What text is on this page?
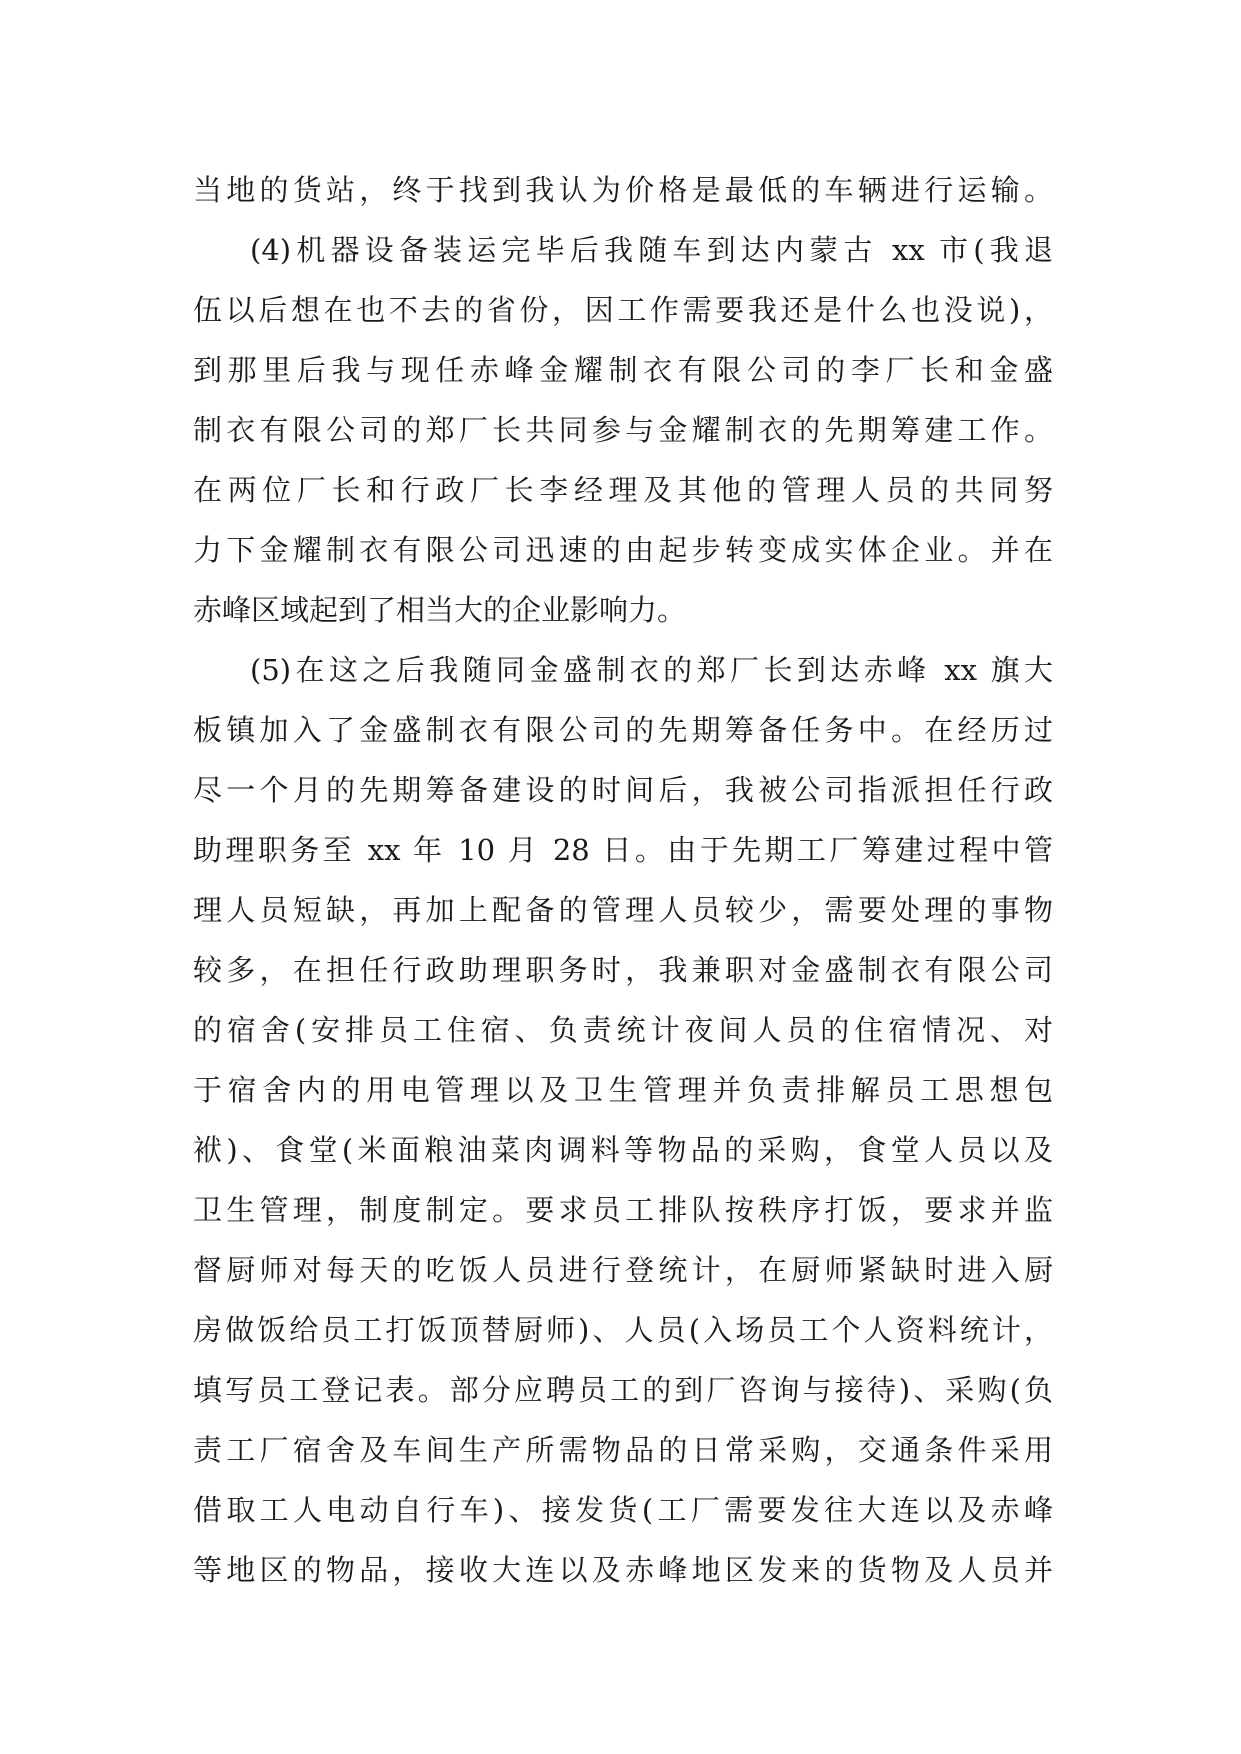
当地的货站，终于找到我认为价格是最低的车辆进行运输。
(4)机器设备装运完毕后我随车到达内蒙古 xx 市(我退
伍以后想在也不去的省份，因工作需要我还是什么也没说)，
到那里后我与现任赤峰金耀制衣有限公司的李厂长和金盛
制衣有限公司的郑厂长共同参与金耀制衣的先期筹建工作。
在两位厂长和行政厂长李经理及其他的管理人员的共同努
力下金耀制衣有限公司迅速的由起步转变成实体企业。并在
赤峰区域起到了相当大的企业影响力。
(5)在这之后我随同金盛制衣的郑厂长到达赤峰 xx 旗大
板镇加入了金盛制衣有限公司的先期筹备任务中。在经历过
尽一个月的先期筹备建设的时间后，我被公司指派担任行政
助理职务至 xx 年 10 月 28 日。由于先期工厂筹建过程中管
理人员短缺，再加上配备的管理人员较少，需要处理的事物
较多，在担任行政助理职务时，我兼职对金盛制衣有限公司
的宿舍(安排员工住宿、负责统计夜间人员的住宿情况、对
于宿舍内的用电管理以及卫生管理并负责排解员工思想包
袱)、食堂(米面粮油菜肉调料等物品的采购，食堂人员以及
卫生管理，制度制定。要求员工排队按秩序打饭，要求并监
督厨师对每天的吃饭人员进行登统计，在厨师紧缺时进入厨
房做饭给员工打饭顶替厨师)、人员(入场员工个人资料统计，
填写员工登记表。部分应聘员工的到厂咨询与接待)、采购(负
责工厂宿舍及车间生产所需物品的日常采购，交通条件采用
借取工人电动自行车)、接发货(工厂需要发往大连以及赤峰
等地区的物品，接收大连以及赤峰地区发来的货物及人员并
